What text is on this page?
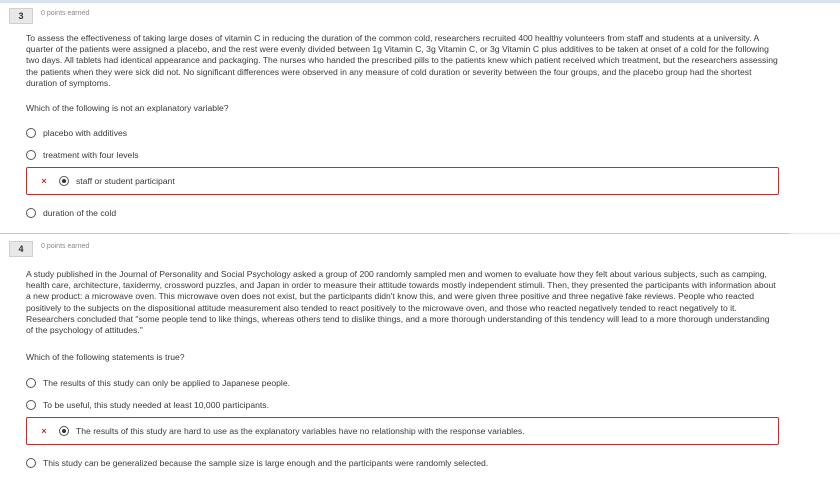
3	0 points earned

To assess the effectiveness of taking large doses of vitamin C in reducing the duration of the common cold, researchers recruited 400 healthy volunteers from staff and students at a university. A quarter of the patients were assigned a placebo, and the rest were evenly divided between 1g Vitamin C, 3g Vitamin C, or 3g Vitamin C plus additives to be taken at onset of a cold for the following two days. All tablets had identical appearance and packaging. The nurses who handed the prescribed pills to the patients knew which patient received which treatment, but the researchers assessing the patients when they were sick did not. No significant differences were observed in any measure of cold duration or severity between the four groups, and the placebo group had the shortest duration of symptoms.

Which of the following is not an explanatory variable?

placebo with additives
treatment with four levels
×	staff or student participant
duration of the cold
4	0 points earned

A study published in the Journal of Personality and Social Psychology asked a group of 200 randomly sampled men and women to evaluate how they felt about various subjects, such as camping, health care, architecture, taxidermy, crossword puzzles, and Japan in order to measure their attitude towards mostly independent stimuli. Then, they presented the participants with information about a new product: a microwave oven. This microwave oven does not exist, but the participants didn't know this, and were given three positive and three negative fake reviews. People who reacted positively to the subjects on the dispositional attitude measurement also tended to react positively to the microwave oven, and those who reacted negatively tended to react negatively to it. Researchers concluded that "some people tend to like things, whereas others tend to dislike things, and a more thorough understanding of this tendency will lead to a more thorough understanding of the psychology of attitudes."

Which of the following statements is true?

The results of this study can only be applied to Japanese people.
To be useful, this study needed at least 10,000 participants.
×	The results of this study are hard to use as the explanatory variables have no relationship with the response variables.
This study can be generalized because the sample size is large enough and the participants were randomly selected.
